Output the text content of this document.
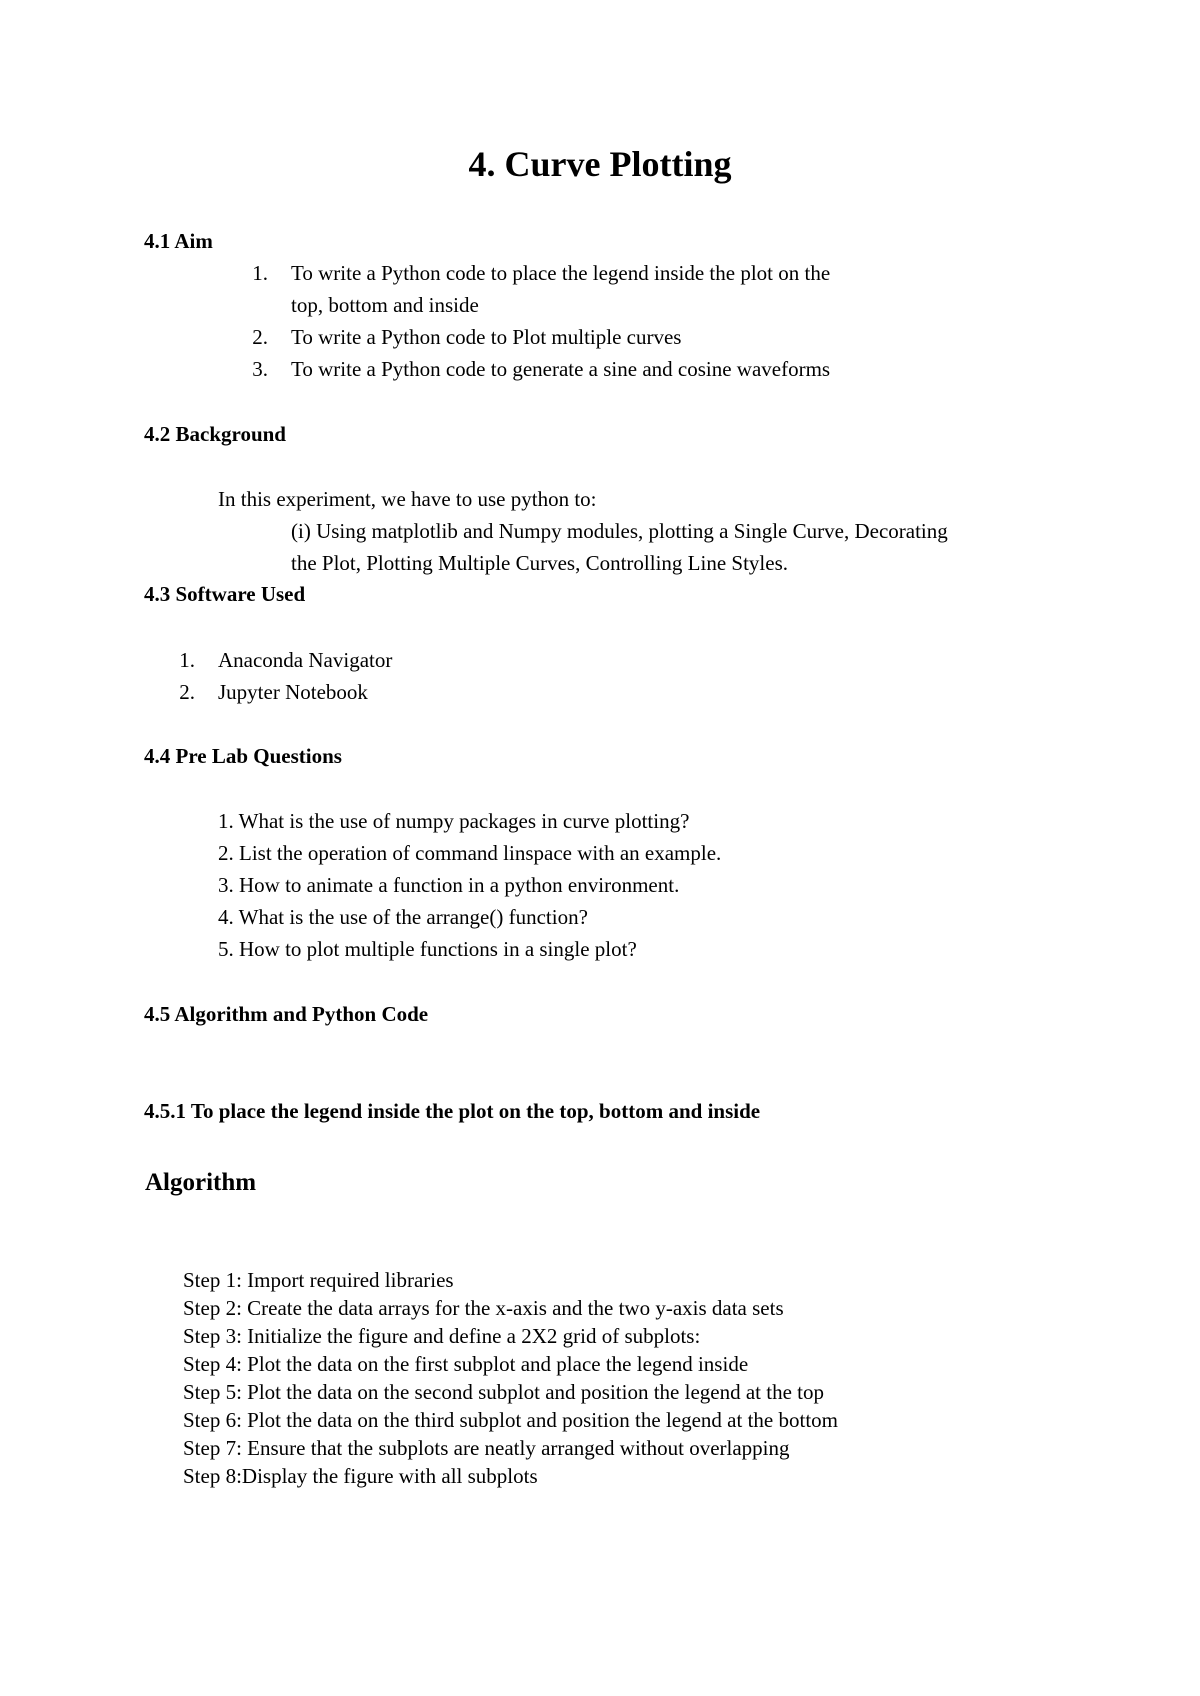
4. Curve Plotting
4.1 Aim
1. To write a Python code to place the legend inside the plot on the
top, bottom and inside
2. To write a Python code to Plot multiple curves
3. To write a Python code to generate a sine and cosine waveforms
4.2 Background
In this experiment, we have to use python to:
(i) Using matplotlib and Numpy modules, plotting a Single Curve, Decorating
the Plot, Plotting Multiple Curves, Controlling Line Styles.
4.3 Software Used
1. Anaconda Navigator
2. Jupyter Notebook
4.4 Pre Lab Questions
1. What is the use of numpy packages in curve plotting?
2. List the operation of command linspace with an example.
3. How to animate a function in a python environment.
4. What is the use of the arrange() function?
5. How to plot multiple functions in a single plot?
4.5 Algorithm and Python Code
4.5.1 To place the legend inside the plot on the top, bottom and inside
Algorithm
Step 1: Import required libraries
Step 2: Create the data arrays for the x-axis and the two y-axis data sets
Step 3: Initialize the figure and define a 2X2 grid of subplots:
Step 4: Plot the data on the first subplot and place the legend inside
Step 5: Plot the data on the second subplot and position the legend at the top
Step 6: Plot the data on the third subplot and position the legend at the bottom
Step 7: Ensure that the subplots are neatly arranged without overlapping
Step 8:Display the figure with all subplots
